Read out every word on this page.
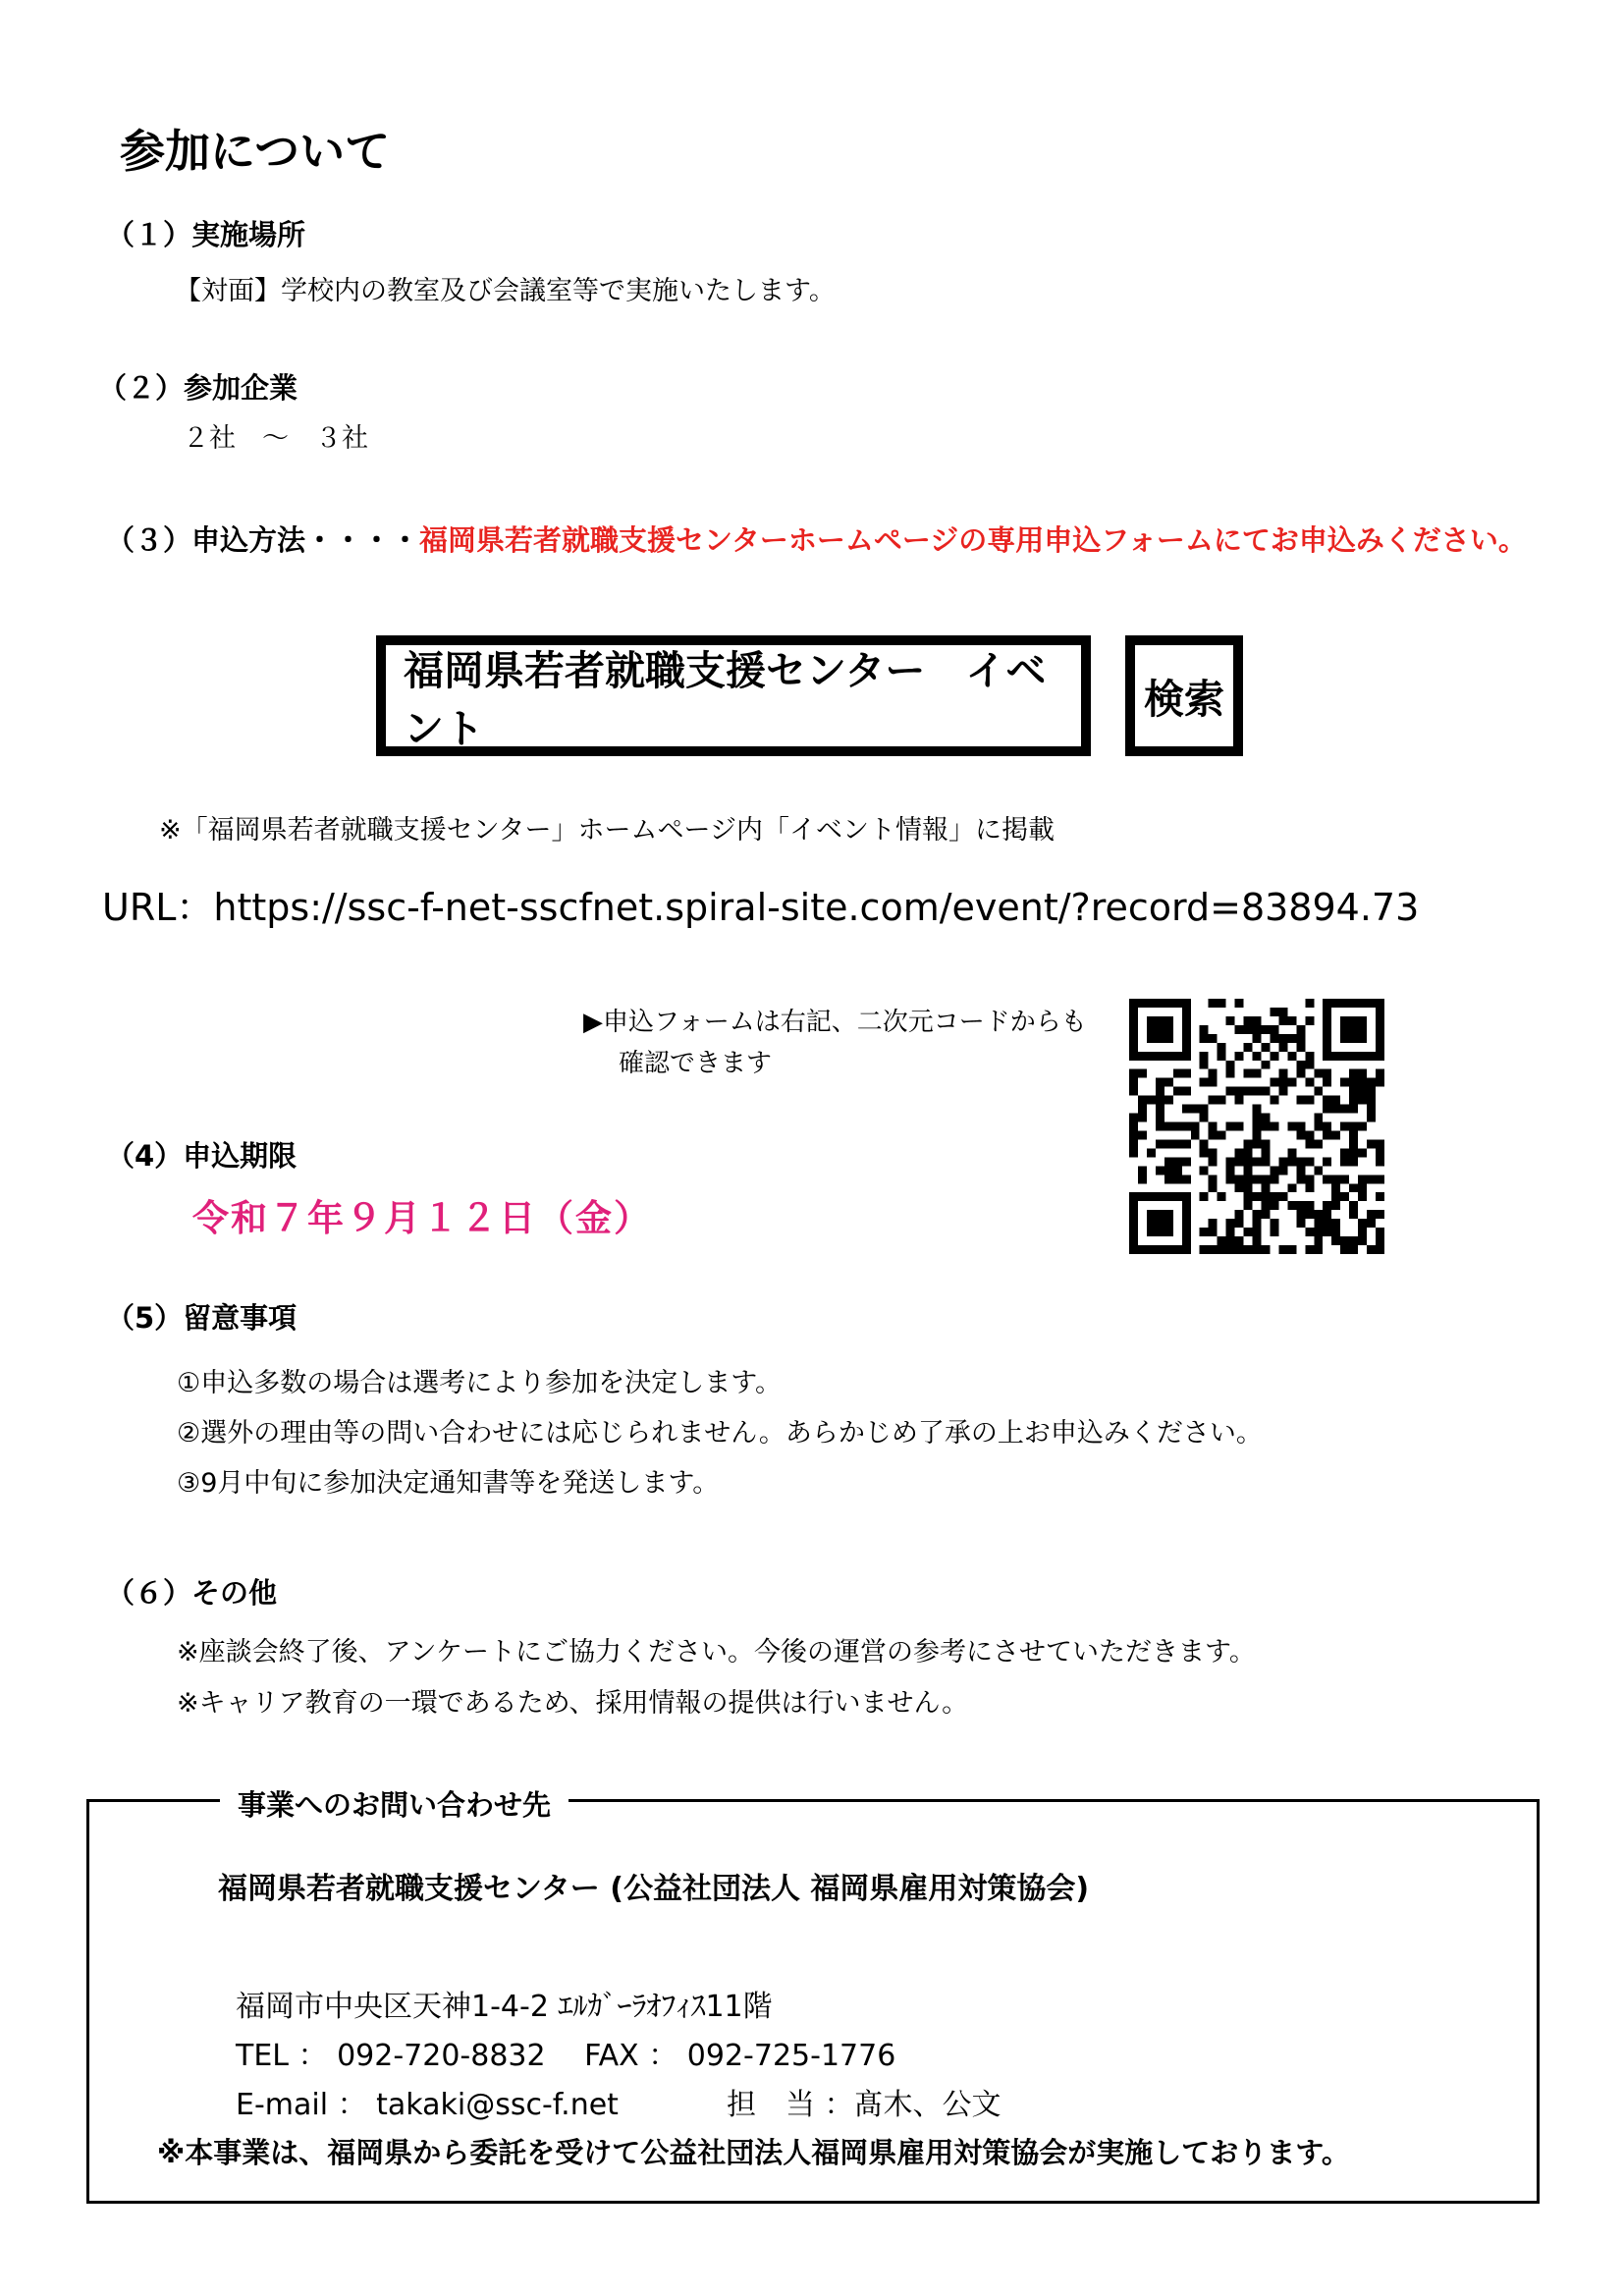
参加について
（１）実施場所
【対面】学校内の教室及び会議室等で実施いたします。
（２）参加企業
２社　～　３社
（３）申込方法・・・・福岡県若者就職支援センターホームページの専用申込フォームにてお申込みください。
福岡県若者就職支援センター　イベント
検索
※「福岡県若者就職支援センター」ホームページ内「イベント情報」に掲載
URL：https://ssc-f-net-sscfnet.spiral-site.com/event/?record=83894.73
▶申込フォームは右記、二次元コードからも
確認できます
（4）申込期限
令和７年９月１２日（金）
（5）留意事項
①申込多数の場合は選考により参加を決定します。
②選外の理由等の問い合わせには応じられません。あらかじめ了承の上お申込みください。
③9月中旬に参加決定通知書等を発送します。
（６）その他
※座談会終了後、アンケートにご協力ください。今後の運営の参考にさせていただきます。
※キャリア教育の一環であるため、採用情報の提供は行いません。
事業へのお問い合わせ先
福岡県若者就職支援センター (公益社団法人 福岡県雇用対策協会)
福岡市中央区天神1-4-2 ｴﾙｶﾞｰﾗｵﾌｨｽ11階
TEL ： 092-720-8832　 FAX ： 092-725-1776
E-mail ： takaki@ssc-f.net	担　当 ：髙木、公文
※本事業は、福岡県から委託を受けて公益社団法人福岡県雇用対策協会が実施しております。
